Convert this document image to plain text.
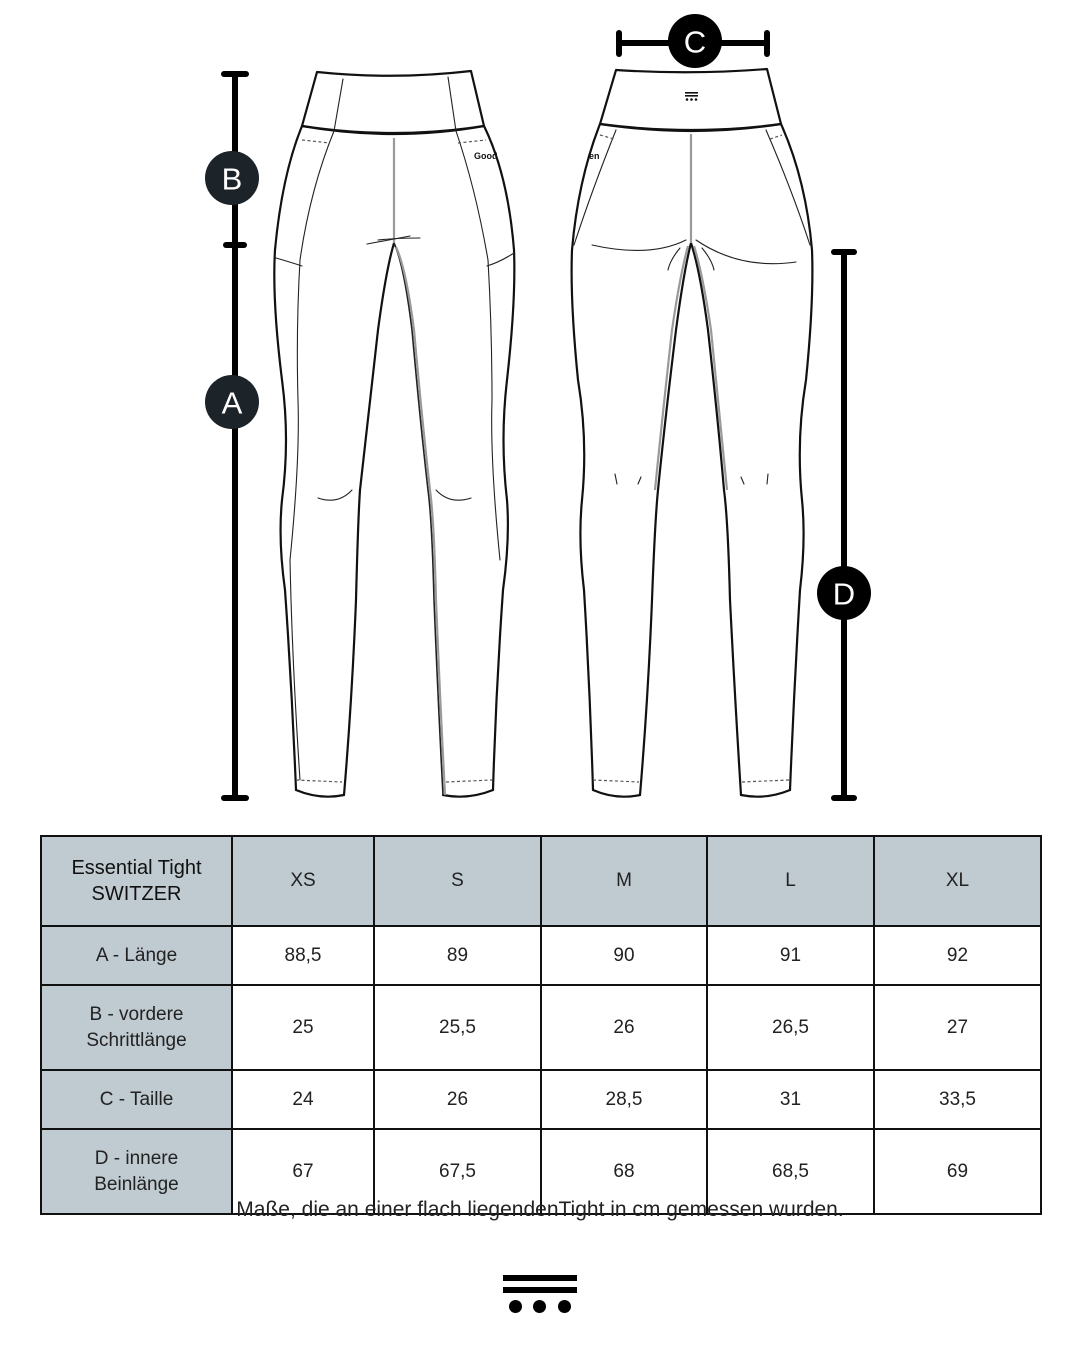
Good	en
B
A
C
D
Essential Tight
SWITZER	XS	S	M	L	XL

A - Länge	88,5	89	90	91	92

B - vordere
Schrittlänge	25	25,5	26	26,5	27

C - Taille	24	26	28,5	31	33,5

D - innere
Beinlänge	67	67,5	68	68,5	69
Maße, die an einer flach liegendenTight in cm gemessen wurden.
